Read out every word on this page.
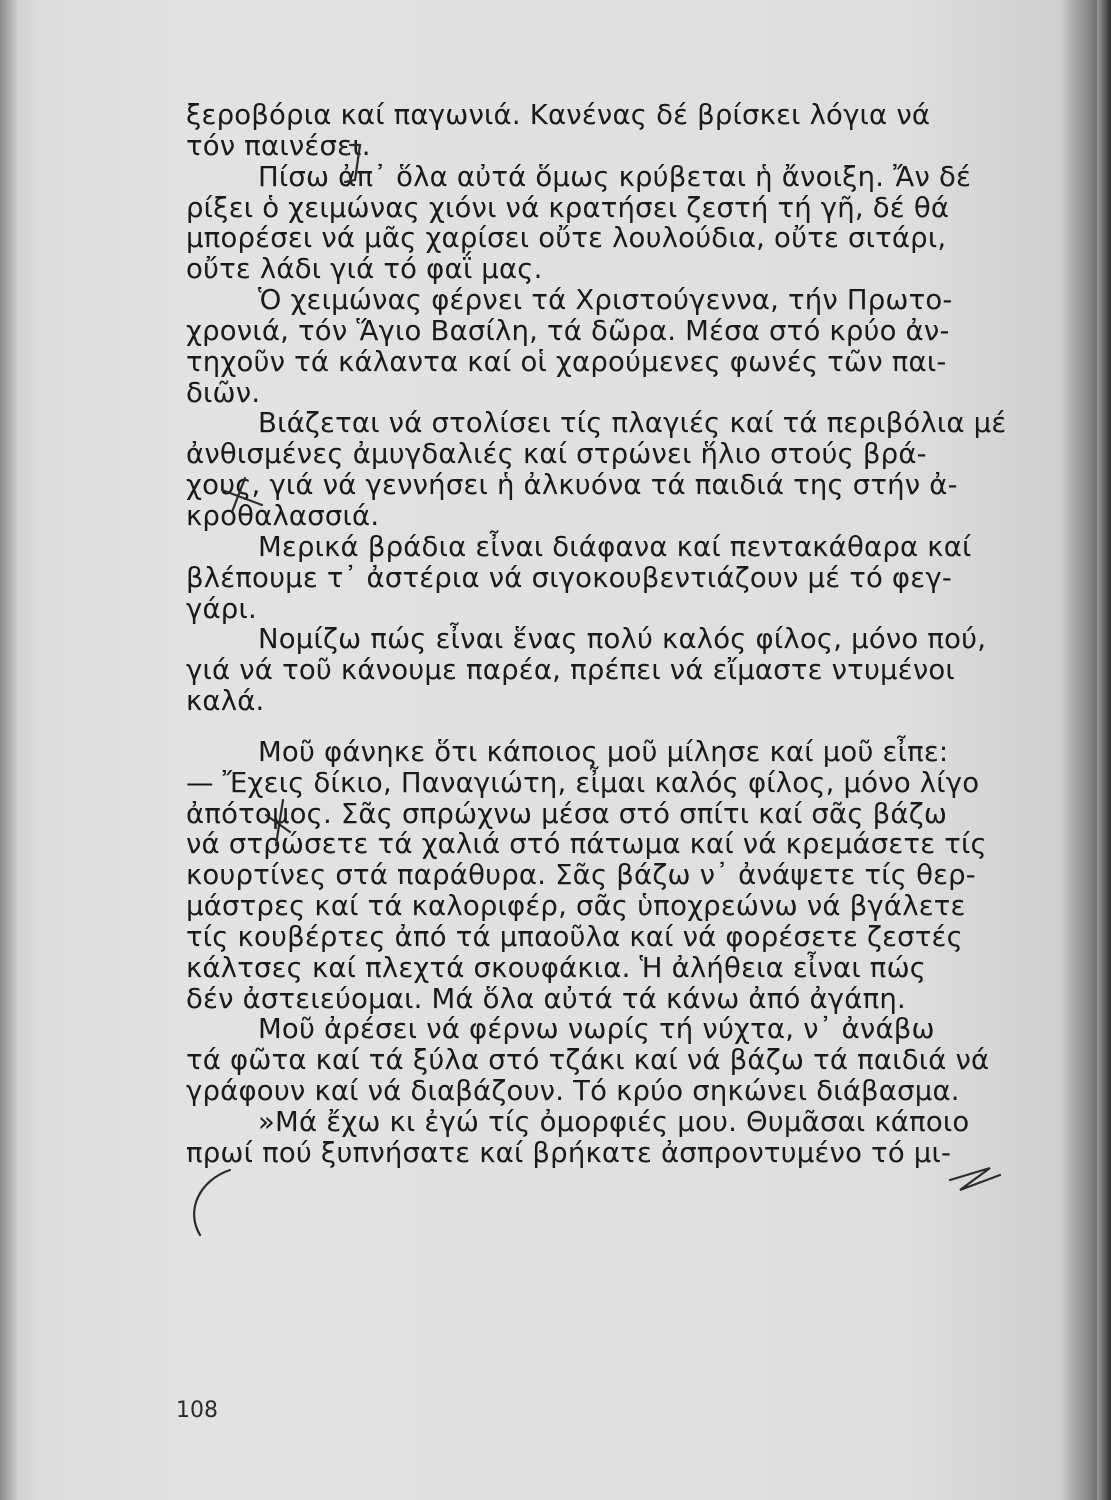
ξεροβόρια καί παγωνιά. Κανένας δέ βρίσκει λόγια νά
τόν παινέσει.
Πίσω ἀπ᾽ ὅλα αὐτά ὅμως κρύβεται ἡ ἄνοιξη. Ἄν δέ
ρίξει ὁ χειμώνας χιόνι νά κρατήσει ζεστή τή γῆ, δέ θά
μπορέσει νά μᾶς χαρίσει οὔτε λουλούδια, οὔτε σιτάρι,
οὔτε λάδι γιά τό φαΐ μας.
Ὁ χειμώνας φέρνει τά Χριστούγεννα, τήν Πρωτο-
χρονιά, τόν Ἅγιο Βασίλη, τά δῶρα. Μέσα στό κρύο ἀν-
τηχοῦν τά κάλαντα καί οἱ χαρούμενες φωνές τῶν παι-
διῶν.
Βιάζεται νά στολίσει τίς πλαγιές καί τά περιβόλια μέ
ἀνθισμένες ἀμυγδαλιές καί στρώνει ἥλιο στούς βρά-
χους, γιά νά γεννήσει ἡ ἀλκυόνα τά παιδιά της στήν ἀ-
κροθαλασσιά.
Μερικά βράδια εἶναι διάφανα καί πεντακάθαρα καί
βλέπουμε τ᾽ ἀστέρια νά σιγοκουβεντιάζουν μέ τό φεγ-
γάρι.
Νομίζω πώς εἶναι ἕνας πολύ καλός φίλος, μόνο πού,
γιά νά τοῦ κάνουμε παρέα, πρέπει νά εἴμαστε ντυμένοι
καλά.
Μοῦ φάνηκε ὅτι κάποιος μοῦ μίλησε καί μοῦ εἶπε:
— Ἔχεις δίκιο, Παναγιώτη, εἶμαι καλός φίλος, μόνο λίγο
ἀπότομος. Σᾶς σπρώχνω μέσα στό σπίτι καί σᾶς βάζω
νά στρώσετε τά χαλιά στό πάτωμα καί νά κρεμάσετε τίς
κουρτίνες στά παράθυρα. Σᾶς βάζω ν᾽ ἀνάψετε τίς θερ-
μάστρες καί τά καλοριφέρ, σᾶς ὑποχρεώνω νά βγάλετε
τίς κουβέρτες ἀπό τά μπαοῦλα καί νά φορέσετε ζεστές
κάλτσες καί πλεχτά σκουφάκια. Ἡ ἀλήθεια εἶναι πώς
δέν ἀστειεύομαι. Μά ὅλα αὐτά τά κάνω ἀπό ἀγάπη.
Μοῦ ἀρέσει νά φέρνω νωρίς τή νύχτα, ν᾽ ἀνάβω
τά φῶτα καί τά ξύλα στό τζάκι καί νά βάζω τά παιδιά νά
γράφουν καί νά διαβάζουν. Τό κρύο σηκώνει διάβασμα.
»Μά ἔχω κι ἐγώ τίς ὀμορφιές μου. Θυμᾶσαι κάποιο
πρωί πού ξυπνήσατε καί βρήκατε ἀσπροντυμένο τό μι-
108
